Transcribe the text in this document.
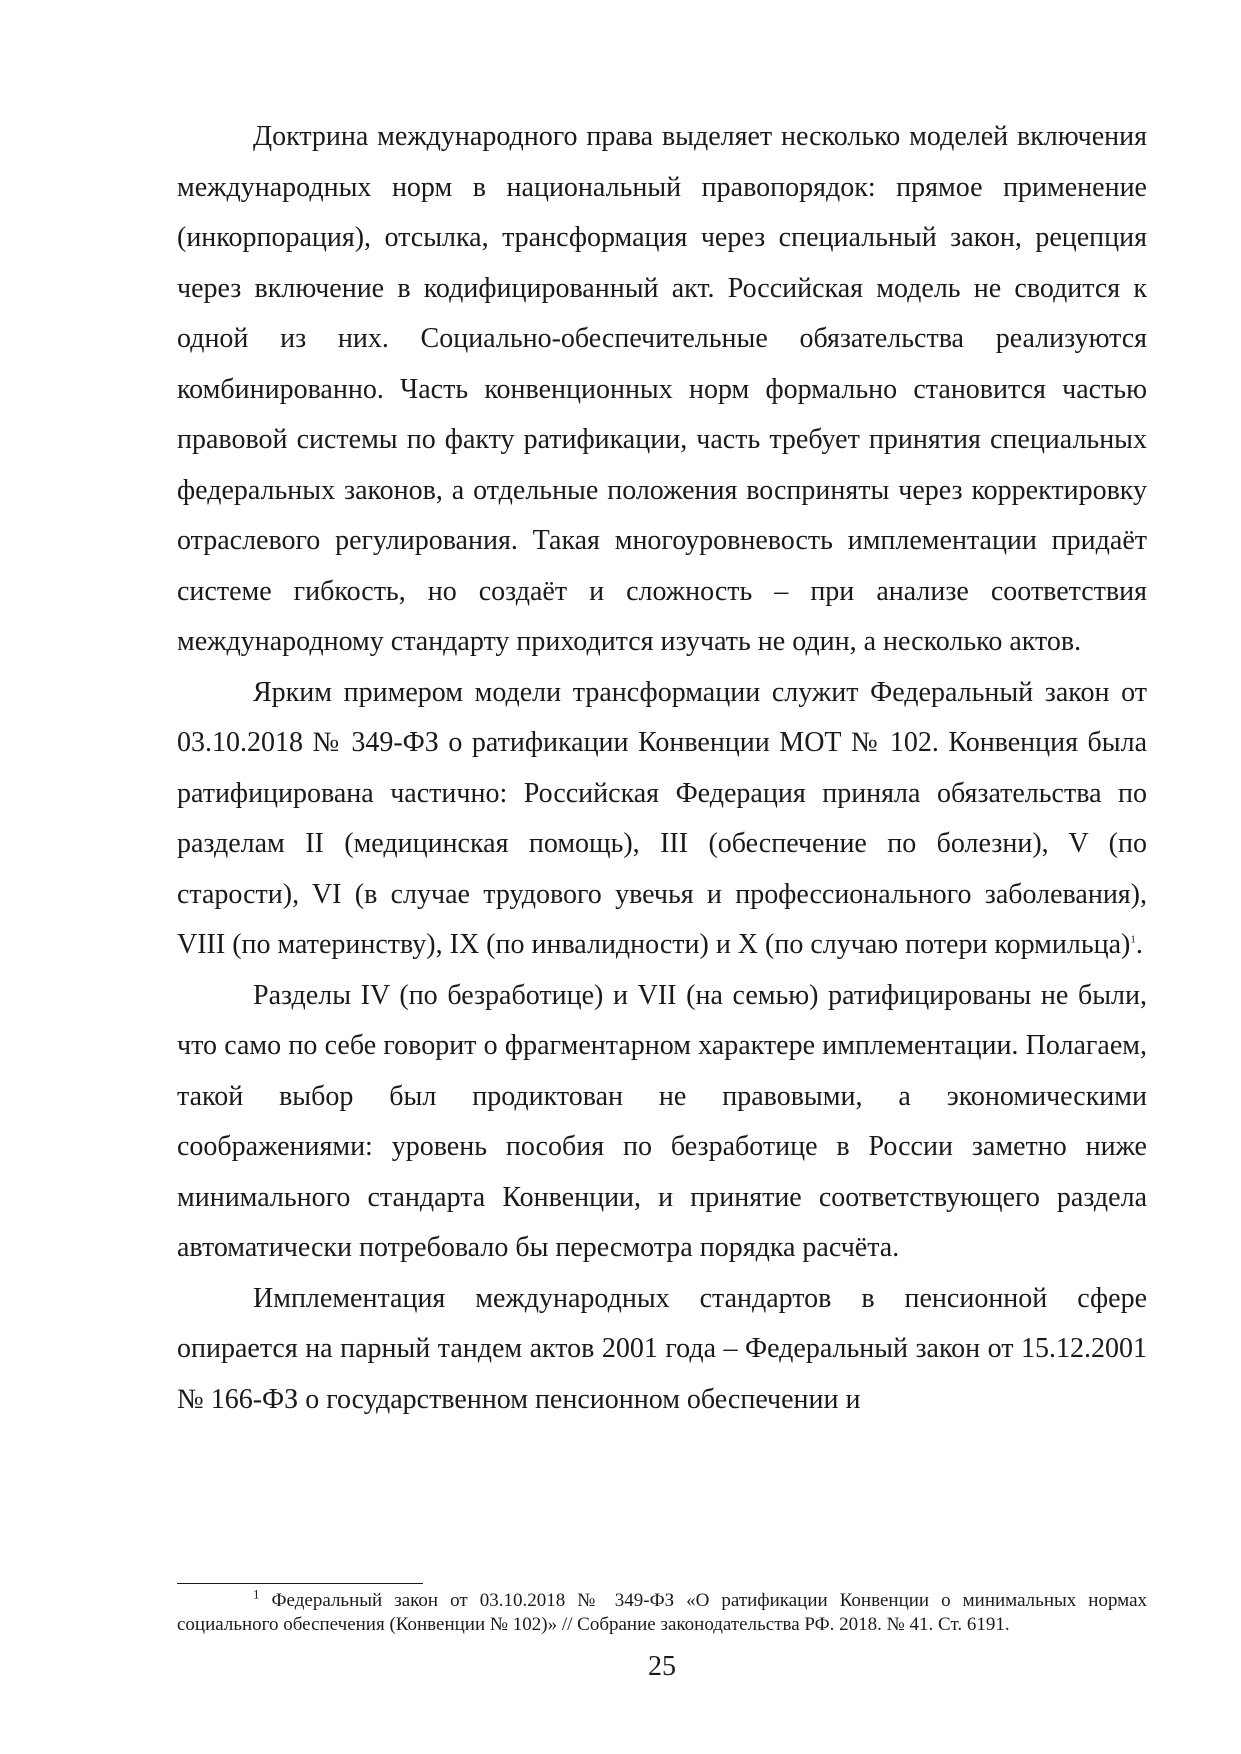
Доктрина международного права выделяет несколько моделей включения международных норм в национальный правопорядок: прямое применение (инкорпорация), отсылка, трансформация через специальный закон, рецепция через включение в кодифицированный акт. Российская модель не сводится к одной из них. Социально-обеспечительные обязательства реализуются комбинированно. Часть конвенционных норм формально становится частью правовой системы по факту ратификации, часть требует принятия специальных федеральных законов, а отдельные положения восприняты через корректировку отраслевого регулирования. Такая многоуровневость имплементации придаёт системе гибкость, но создаёт и сложность – при анализе соответствия международному стандарту приходится изучать не один, а несколько актов.

Ярким примером модели трансформации служит Федеральный закон от 03.10.2018 № 349-ФЗ о ратификации Конвенции МОТ № 102. Конвенция была ратифицирована частично: Российская Федерация приняла обязательства по разделам II (медицинская помощь), III (обеспечение по болезни), V (по старости), VI (в случае трудового увечья и профессионального заболевания), VIII (по материнству), IX (по инвалидности) и X (по случаю потери кормильца)$^1$.

Разделы IV (по безработице) и VII (на семью) ратифицированы не были, что само по себе говорит о фрагментарном характере имплементации. Полагаем, такой выбор был продиктован не правовыми, а экономическими соображениями: уровень пособия по безработице в России заметно ниже минимального стандарта Конвенции, и принятие соответствующего раздела автоматически потребовало бы пересмотра порядка расчёта.

Имплементация международных стандартов в пенсионной сфере опирается на парный тандем актов 2001 года – Федеральный закон от 15.12.2001 № 166-ФЗ о государственном пенсионном обеспечении и

$^1$ Федеральный закон от 03.10.2018 № 349-ФЗ «О ратификации Конвенции о минимальных нормах социального обеспечения (Конвенции № 102)» // Собрание законодательства РФ. 2018. № 41. Ст. 6191.

25
